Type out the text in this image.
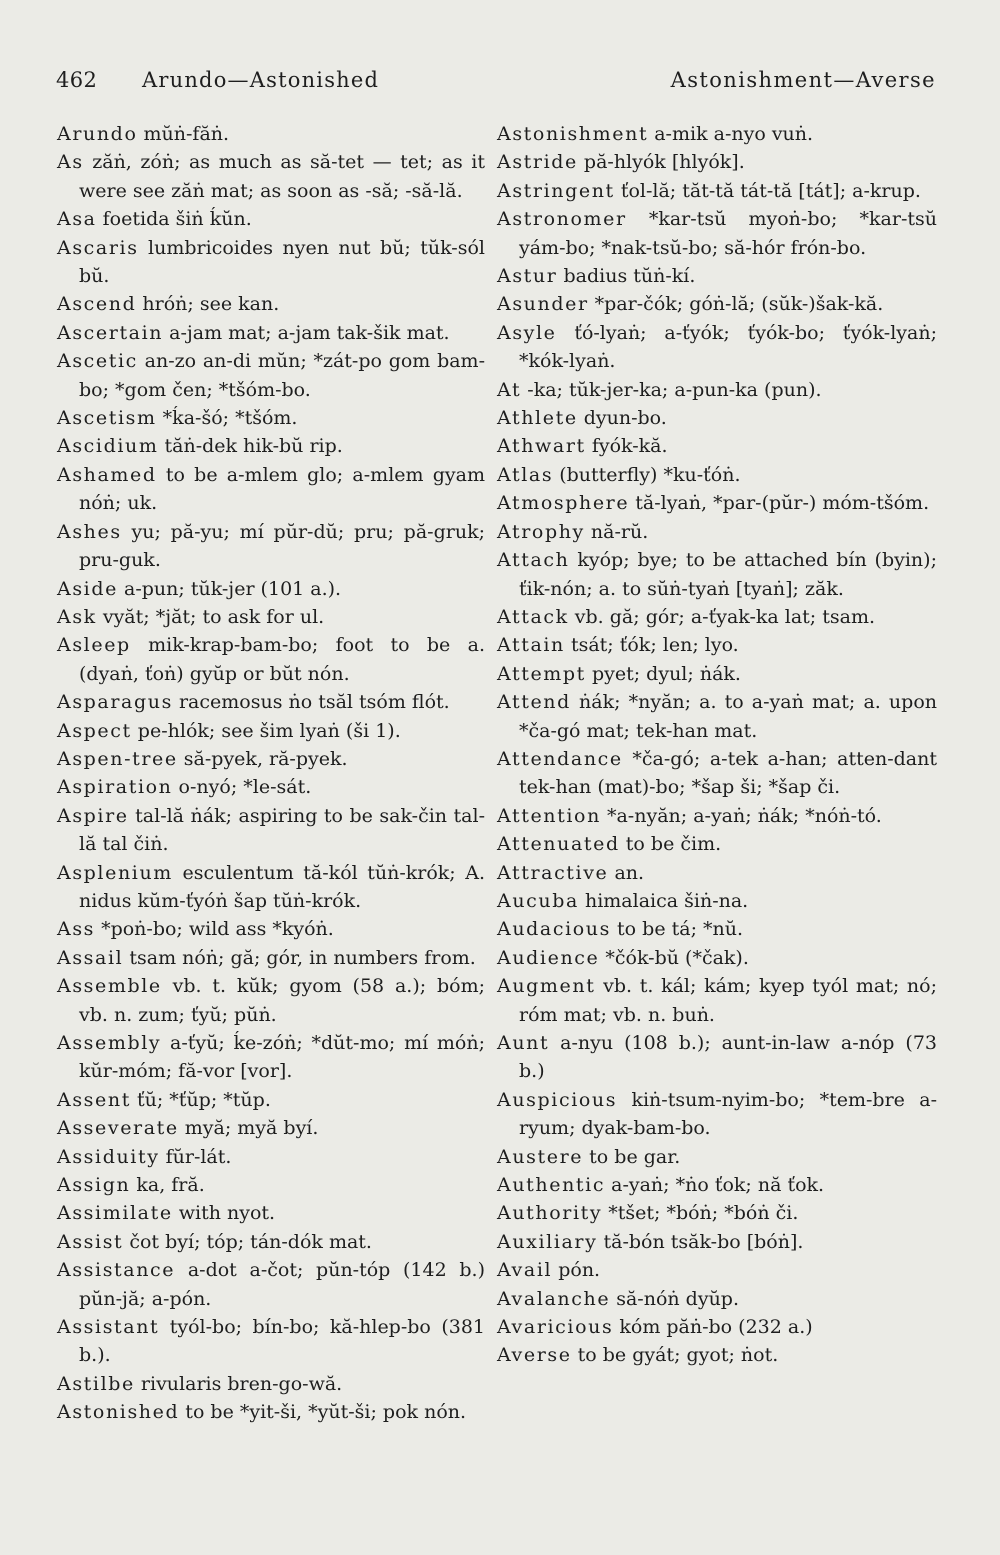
462 Arundo—Astonished	Astonishment—Averse

Arundo mŭṅ-făṅ.

As zăṅ, zóṅ; as much as să-tet — tet; as it were see zăṅ mat; as soon as -să; -să-lă.

Asa foetida šiṅ ḱŭn.

Ascaris lumbricoides nyen nut bŭ; tŭk-sól bŭ.

Ascend hróṅ; see kan.

Ascertain a-jam mat; a-jam tak-šik mat.

Ascetic an-zo an-di mŭn; *zát-po gom bam-bo; *gom čen; *tšóm-bo.

Ascetism *ḱa-šó; *tšóm.

Ascidium tăṅ-dek hik-bŭ rip.

Ashamed to be a-mlem glo; a-mlem gyam nóṅ; uk.

Ashes yu; pă-yu; mí pŭr-dŭ; pru; pă-gruk; pru-guk.

Aside a-pun; tŭk-jer (101 a.).

Ask vyăt; *jăt; to ask for ul.

Asleep mik-krap-bam-bo; foot to be a. (dyaṅ, ťoṅ) gyŭp or bŭt nón.

Asparagus racemosus ṅo tsăl tsóm flót.

Aspect pe-hlók; see šim lyaṅ (ši 1).

Aspen-tree să-pyek, ră-pyek.

Aspiration o-nyó; *le-sát.

Aspire tal-lă ṅák; aspiring to be sak-čin tal-lă tal čiṅ.

Asplenium esculentum tă-kól tŭṅ-krók; A. nidus kŭm-ťyóṅ šap tŭṅ-krók.

Ass *poṅ-bo; wild ass *kyóṅ.

Assail tsam nóṅ; gă; gór, in numbers from.

Assemble vb. t. kŭk; gyom (58 a.); bóm; vb. n. zum; ťyŭ; pŭṅ.

Assembly a-ťyŭ; ḱe-zóṅ; *dŭt-mo; mí móṅ; kŭr-móm; fă-vor [vor].

Assent ťŭ; *ťŭp; *tŭp.

Asseverate myă; myă byí.

Assiduity fŭr-lát.

Assign ka, fră.

Assimilate with nyot.

Assist čot byí; tóp; tán-dók mat.

Assistance a-dot a-čot; pŭn-tóp (142 b.) pŭn-jă; a-pón.

Assistant tyól-bo; bín-bo; kă-hlep-bo (381 b.).

Astilbe rivularis bren-go-wă.

Astonished to be *yit-ši, *yŭt-ši; pok nón.

Astonishment a-mik a-nyo vuṅ.

Astride pă-hlyók [hlyók].

Astringent ťol-lă; tăt-tă tát-tă [tát]; a-krup.

Astronomer *kar-tsŭ myoṅ-bo; *kar-tsŭ yám-bo; *nak-tsŭ-bo; să-hór frón-bo.

Astur badius tŭṅ-kí.

Asunder *par-čók; góṅ-lă; (sŭk-)šak-kă.

Asyle ťó-lyaṅ; a-ťyók; ťyók-bo; ťyók-lyaṅ; *kók-lyaṅ.

At -ka; tŭk-jer-ka; a-pun-ka (pun).

Athlete dyun-bo.

Athwart fyók-kă.

Atlas (butterfly) *ku-ťóṅ.

Atmosphere tă-lyaṅ, *par-(pŭr-) móm-tšóm.

Atrophy nă-rŭ.

Attach kyóp; bye; to be attached bín (byin); ťik-nón; a. to sŭṅ-tyaṅ [tyaṅ]; zăk.

Attack vb. gă; gór; a-ťyak-ka lat; tsam.

Attain tsát; ťók; len; lyo.

Attempt pyet; dyul; ṅák.

Attend ṅák; *nyăn; a. to a-yaṅ mat; a. upon *ča-gó mat; tek-han mat.

Attendance *ča-gó; a-tek a-han; atten-dant tek-han (mat)-bo; *šap ši; *šap či.

Attention *a-nyăn; a-yaṅ; ṅák; *nóṅ-tó.

Attenuated to be čim.

Attractive an.

Aucuba himalaica šiṅ-na.

Audacious to be tá; *nŭ.

Audience *čók-bŭ (*čak).

Augment vb. t. kál; kám; kyep tyól mat; nó; róm mat; vb. n. buṅ.

Aunt a-nyu (108 b.); aunt-in-law a-nóp (73 b.)

Auspicious kiṅ-tsum-nyim-bo; *tem-bre a-ryum; dyak-bam-bo.

Austere to be gar.

Authentic a-yaṅ; *ṅo ťok; nă ťok.

Authority *tšet; *bóṅ; *bóṅ či.

Auxiliary tă-bón tsăk-bo [bóṅ].

Avail pón.

Avalanche să-nóṅ dyŭp.

Avaricious kóm păṅ-bo (232 a.)

Averse to be gyát; gyot; ṅot.
